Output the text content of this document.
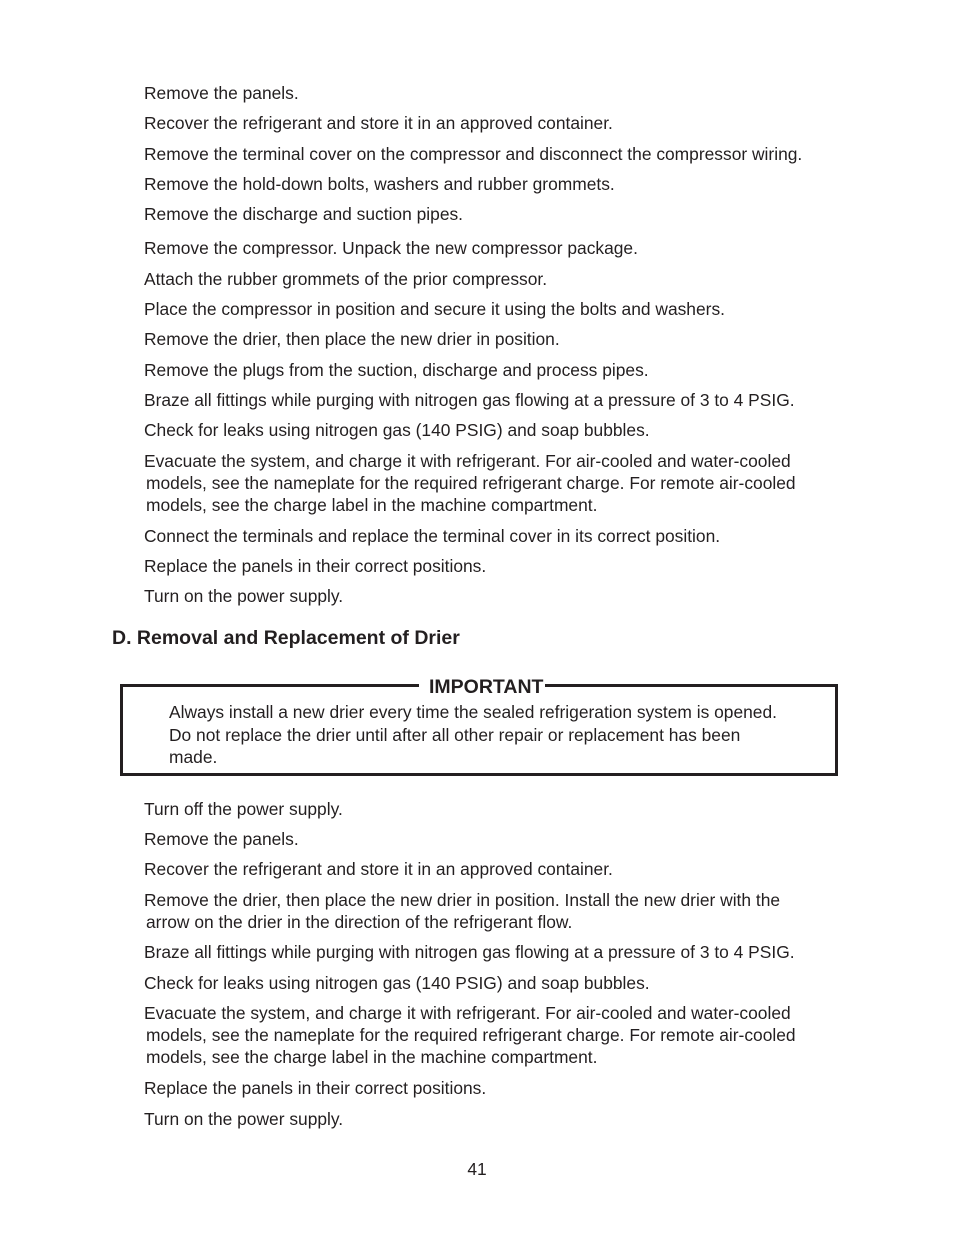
Remove the panels.
Recover the refrigerant and store it in an approved container.
Remove the terminal cover on the compressor and disconnect the compressor wiring.
Remove the hold-down bolts, washers and rubber grommets.
Remove the discharge and suction pipes.
Remove the compressor. Unpack the new compressor package.
Attach the rubber grommets of the prior compressor.
Place the compressor in position and secure it using the bolts and washers.
Remove the drier, then place the new drier in position.
Remove the plugs from the suction, discharge and process pipes.
Braze all fittings while purging with nitrogen gas flowing at a pressure of 3 to 4 PSIG.
Check for leaks using nitrogen gas (140 PSIG) and soap bubbles.
Evacuate the system, and charge it with refrigerant. For air-cooled and water-cooled
models, see the nameplate for the required refrigerant charge. For remote air-cooled
models, see the charge label in the machine compartment.
Connect the terminals and replace the terminal cover in its correct position.
Replace the panels in their correct positions.
Turn on the power supply.
D. Removal and Replacement of Drier
IMPORTANT
Always install a new drier every time the sealed refrigeration system is opened.
Do not replace the drier until after all other repair or replacement has been
made.
Turn off the power supply.
Remove the panels.
Recover the refrigerant and store it in an approved container.
Remove the drier, then place the new drier in position. Install the new drier with the
arrow on the drier in the direction of the refrigerant flow.
Braze all fittings while purging with nitrogen gas flowing at a pressure of 3 to 4 PSIG.
Check for leaks using nitrogen gas (140 PSIG) and soap bubbles.
Evacuate the system, and charge it with refrigerant. For air-cooled and water-cooled
models, see the nameplate for the required refrigerant charge. For remote air-cooled
models, see the charge label in the machine compartment.
Replace the panels in their correct positions.
Turn on the power supply.
41
